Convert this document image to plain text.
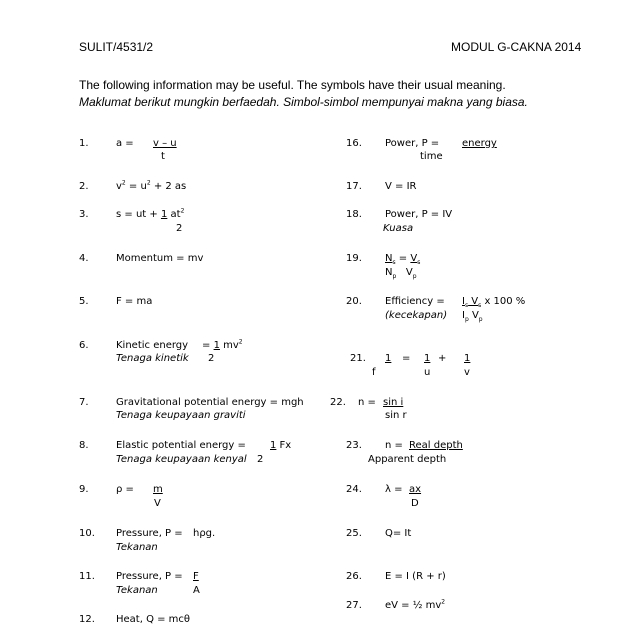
SULIT/4531/2	MODUL G-CAKNA 2014
The following information may be useful. The symbols have their usual meaning.
Maklumat berikut mungkin berfaedah. Simbol-simbol mempunyai makna yang biasa.
1.	a = v – u
t
2.	$v^2 = u^2 + 2$ as
3.	s = ut + 1 $at^2$
2
4.	Momentum = mv
5.	F = ma
6.	Kinetic energy = 1 $mv^2$
Tenaga kinetik 2
7.	Gravitational potential energy = mgh
Tenaga keupayaan graviti
8.	Elastic potential energy = 1 Fx
Tenaga keupayaan kenyal 2
9.	ρ = m
V
10. Pressure, P = hρg.
Tekanan
11. Pressure, P = F
Tekanan	A
12. Heat, Q = mcθ
16. Power, P = energy
time
17. V = IR
18. Power, P = IV
Kuasa
19. $N_s = V_s$
$N_p$ $V_p$
20. Efficiency =
(kecekapan)
$I_s$ $V_s$ x 100 %
$I_p$ $V_p$
21. 1 = 1 + 1
f	u	v
22. n = sin i
sin r
23. n = Real depth
Apparent depth
24. λ = ax
D
25. Q= It
26. E = I (R + r)
27. eV = ½ $mv^2$
